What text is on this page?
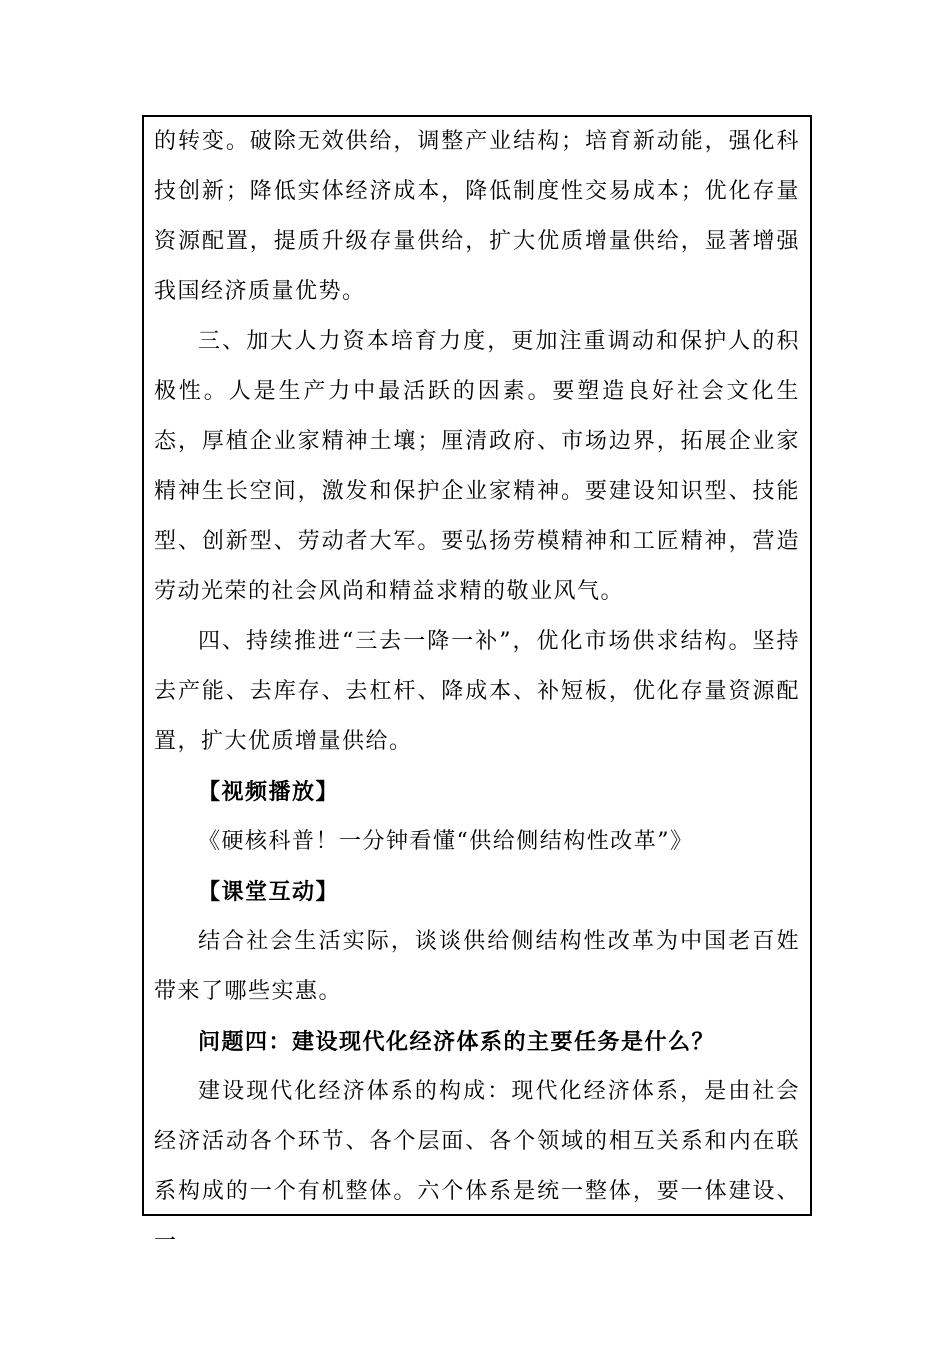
的转变。破除无效供给，调整产业结构；培育新动能，强化科技创新；降低实体经济成本，降低制度性交易成本；优化存量资源配置，提质升级存量供给，扩大优质增量供给，显著增强我国经济质量优势。

三、加大人力资本培育力度，更加注重调动和保护人的积极性。人是生产力中最活跃的因素。要塑造良好社会文化生态，厚植企业家精神土壤；厘清政府、市场边界，拓展企业家精神生长空间，激发和保护企业家精神。要建设知识型、技能型、创新型、劳动者大军。要弘扬劳模精神和工匠精神，营造劳动光荣的社会风尚和精益求精的敬业风气。

四、持续推进“三去一降一补”，优化市场供求结构。坚持去产能、去库存、去杠杆、降成本、补短板，优化存量资源配置，扩大优质增量供给。

【视频播放】

《硬核科普！一分钟看懂“供给侧结构性改革”》

【课堂互动】

结合社会生活实际，谈谈供给侧结构性改革为中国老百姓带来了哪些实惠。

问题四：建设现代化经济体系的主要任务是什么？

建设现代化经济体系的构成：现代化经济体系，是由社会经济活动各个环节、各个层面、各个领域的相互关系和内在联系构成的一个有机整体。六个体系是统一整体，要一体建设、一
